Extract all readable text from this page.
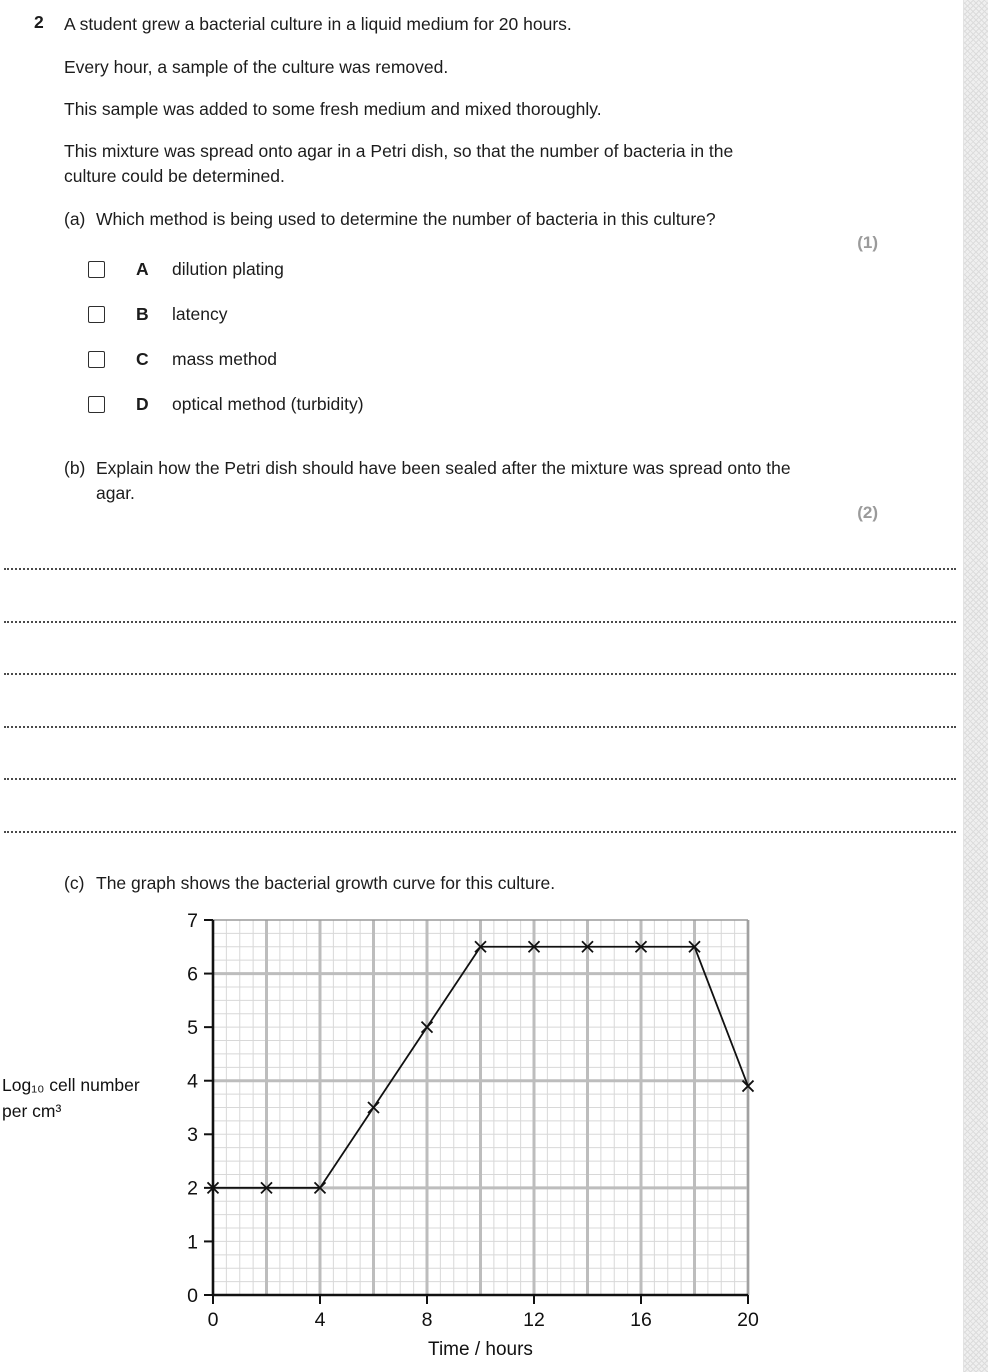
2 A student grew a bacterial culture in a liquid medium for 20 hours.
Every hour, a sample of the culture was removed.
This sample was added to some fresh medium and mixed thoroughly.
This mixture was spread onto agar in a Petri dish, so that the number of bacteria in the culture could be determined.
(a) Which method is being used to determine the number of bacteria in this culture?
(1)
A dilution plating
B latency
C mass method
D optical method (turbidity)
(b) Explain how the Petri dish should have been sealed after the mixture was spread onto the agar.
(2)
(c) The graph shows the bacterial growth curve for this culture.
0
1
2
3
4
5
6
7
0	4	8	12	16	20
Time / hours
Log₁₀ cell number
per cm³
